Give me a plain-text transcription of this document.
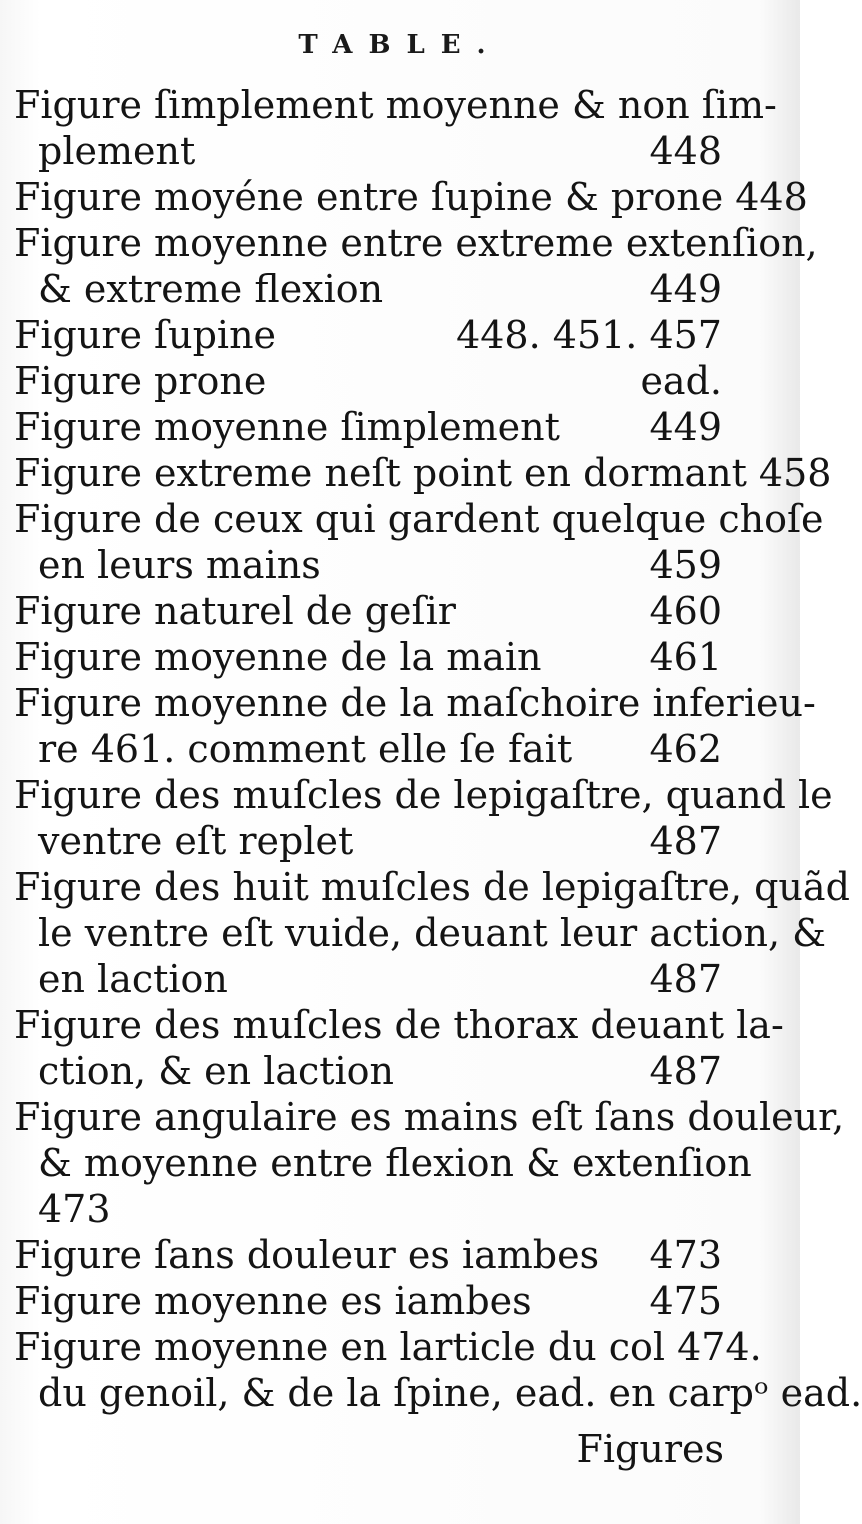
TABLE.
Figure ſimplement moyenne & non ſim-
plement	448
Figure moyéne entre ſupine & prone 448
Figure moyenne entre extreme extenſion,
& extreme flexion	449
Figure ſupine	448. 451. 457
Figure prone	ead.
Figure moyenne ſimplement 449
Figure extreme neſt point en dormant 458
Figure de ceux qui gardent quelque choſe
en leurs mains	459
Figure naturel de geſir	460
Figure moyenne de la main	461
Figure moyenne de la maſchoire inferieu-
re 461. comment elle ſe fait 462
Figure des muſcles de lepigaſtre, quand le
ventre eſt replet	487
Figure des huit muſcles de lepigaſtre, quãd
le ventre eſt vuide, deuant leur action, &
en laction	487
Figure des muſcles de thorax deuant la-
ction, & en laction	487
Figure angulaire es mains eſt ſans douleur,
& moyenne entre flexion & extenſion
473
Figure ſans douleur es iambes 473
Figure moyenne es iambes	475
Figure moyenne en larticle du col 474.
du genoil, & de la ſpine, ead. en carpᵒ ead.
Figures
